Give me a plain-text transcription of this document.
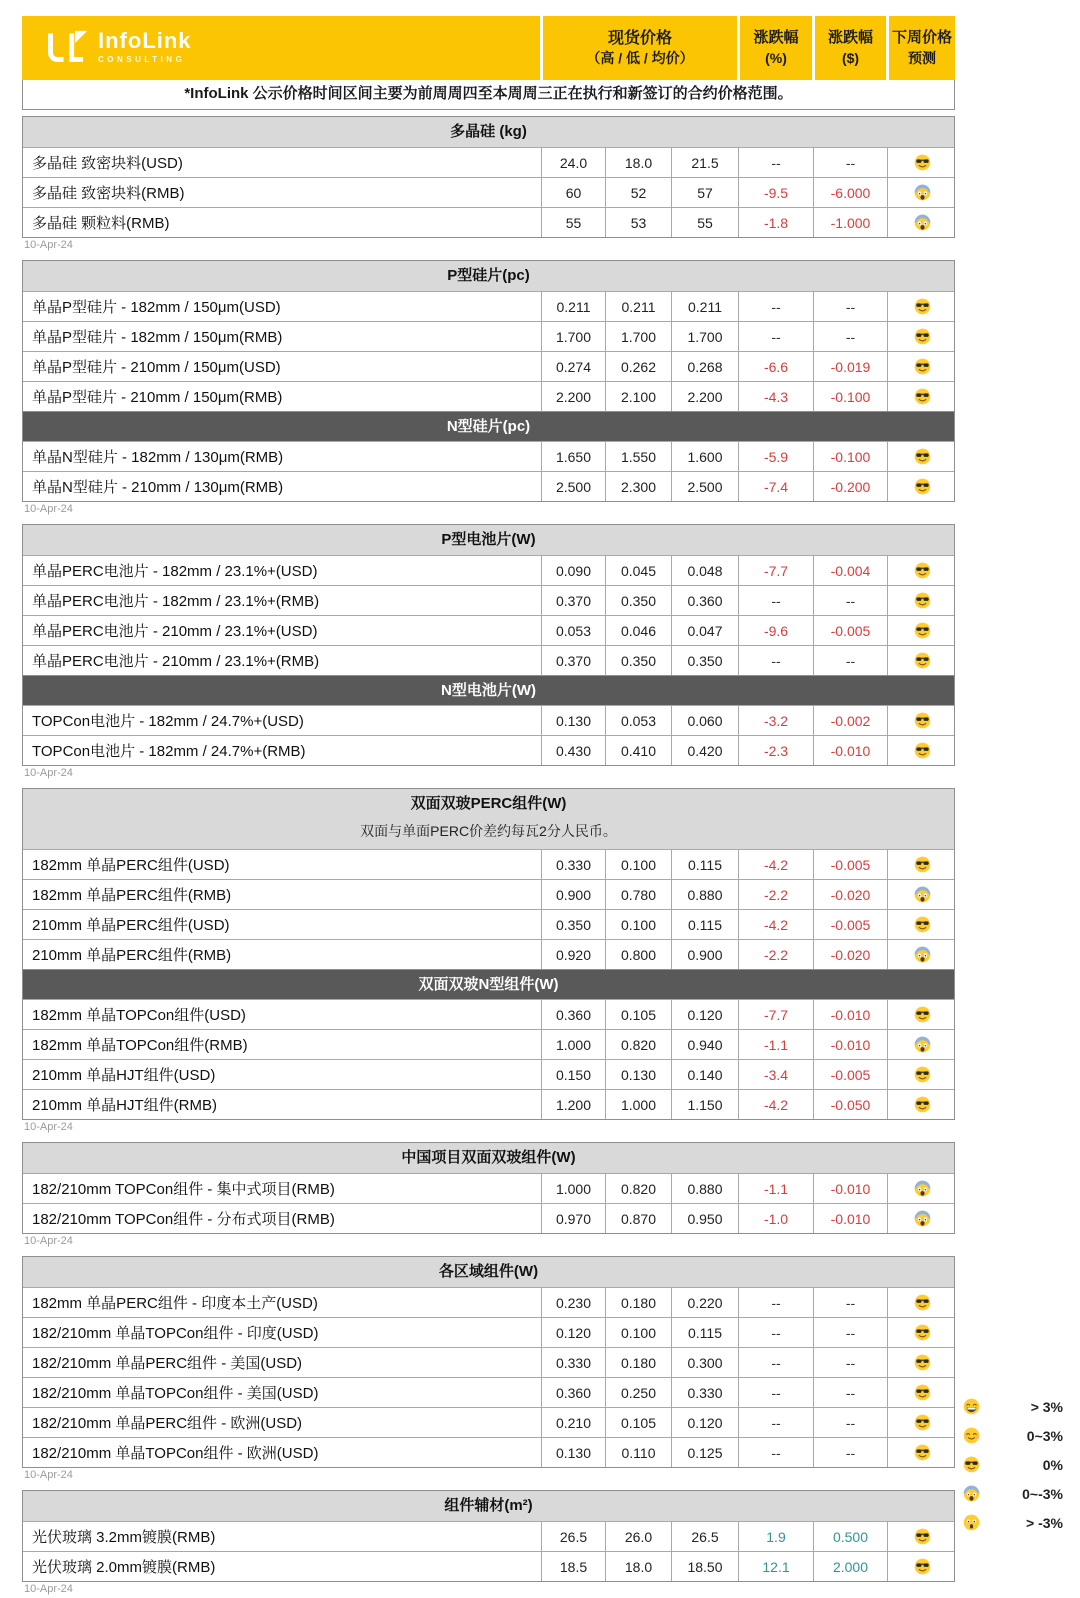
InfoLink
CONSULTING
现货价格
（高 / 低 / 均价）
涨跌幅
(%)
涨跌幅
($)
下周价格
预测
*InfoLink 公示价格时间区间主要为前周周四至本周周三正在执行和新签订的合约价格范围。
多晶硅 (kg)
多晶硅 致密块料(USD)	24.0	18.0	21.5	--	--
多晶硅 致密块料(RMB)	60	52	57	-9.5	-6.000
多晶硅 颗粒料(RMB)	55	53	55	-1.8	-1.000
10-Apr-24
P型硅片(pc)
单晶P型硅片 - 182mm / 150μm(USD)	0.211	0.211	0.211	--	--
单晶P型硅片 - 182mm / 150μm(RMB)	1.700	1.700	1.700	--	--
单晶P型硅片 - 210mm / 150μm(USD)	0.274	0.262	0.268	-6.6	-0.019
单晶P型硅片 - 210mm / 150μm(RMB)	2.200	2.100	2.200	-4.3	-0.100
N型硅片(pc)
单晶N型硅片 - 182mm / 130μm(RMB)	1.650	1.550	1.600	-5.9	-0.100
单晶N型硅片 - 210mm / 130μm(RMB)	2.500	2.300	2.500	-7.4	-0.200
10-Apr-24
P型电池片(W)
单晶PERC电池片 - 182mm / 23.1%+(USD)	0.090	0.045	0.048	-7.7	-0.004
单晶PERC电池片 - 182mm / 23.1%+(RMB)	0.370	0.350	0.360	--	--
单晶PERC电池片 - 210mm / 23.1%+(USD)	0.053	0.046	0.047	-9.6	-0.005
单晶PERC电池片 - 210mm / 23.1%+(RMB)	0.370	0.350	0.350	--	--
N型电池片(W)
TOPCon电池片 - 182mm / 24.7%+(USD)	0.130	0.053	0.060	-3.2	-0.002
TOPCon电池片 - 182mm / 24.7%+(RMB)	0.430	0.410	0.420	-2.3	-0.010
10-Apr-24
双面双玻PERC组件(W)
双面与单面PERC价差约每瓦2分人民币。
182mm 单晶PERC组件(USD)	0.330	0.100	0.115	-4.2	-0.005
182mm 单晶PERC组件(RMB)	0.900	0.780	0.880	-2.2	-0.020
210mm 单晶PERC组件(USD)	0.350	0.100	0.115	-4.2	-0.005
210mm 单晶PERC组件(RMB)	0.920	0.800	0.900	-2.2	-0.020
双面双玻N型组件(W)
182mm 单晶TOPCon组件(USD)	0.360	0.105	0.120	-7.7	-0.010
182mm 单晶TOPCon组件(RMB)	1.000	0.820	0.940	-1.1	-0.010
210mm 单晶HJT组件(USD)	0.150	0.130	0.140	-3.4	-0.005
210mm 单晶HJT组件(RMB)	1.200	1.000	1.150	-4.2	-0.050
10-Apr-24
中国项目双面双玻组件(W)
182/210mm TOPCon组件 - 集中式项目(RMB)	1.000	0.820	0.880	-1.1	-0.010
182/210mm TOPCon组件 - 分布式项目(RMB)	0.970	0.870	0.950	-1.0	-0.010
10-Apr-24
各区域组件(W)
182mm 单晶PERC组件 - 印度本土产(USD)	0.230	0.180	0.220	--	--
182/210mm 单晶TOPCon组件 - 印度(USD)	0.120	0.100	0.115	--	--
182/210mm 单晶PERC组件 - 美国(USD)	0.330	0.180	0.300	--	--
182/210mm 单晶TOPCon组件 - 美国(USD)	0.360	0.250	0.330	--	--
182/210mm 单晶PERC组件 - 欧洲(USD)	0.210	0.105	0.120	--	--
182/210mm 单晶TOPCon组件 - 欧洲(USD)	0.130	0.110	0.125	--	--
10-Apr-24
组件辅材(m²)
光伏玻璃 3.2mm镀膜(RMB)	26.5	26.0	26.5	1.9	0.500
光伏玻璃 2.0mm镀膜(RMB)	18.5	18.0	18.50	12.1	2.000
10-Apr-24
> 3%
0~3%
0%
0~-3%
> -3%
